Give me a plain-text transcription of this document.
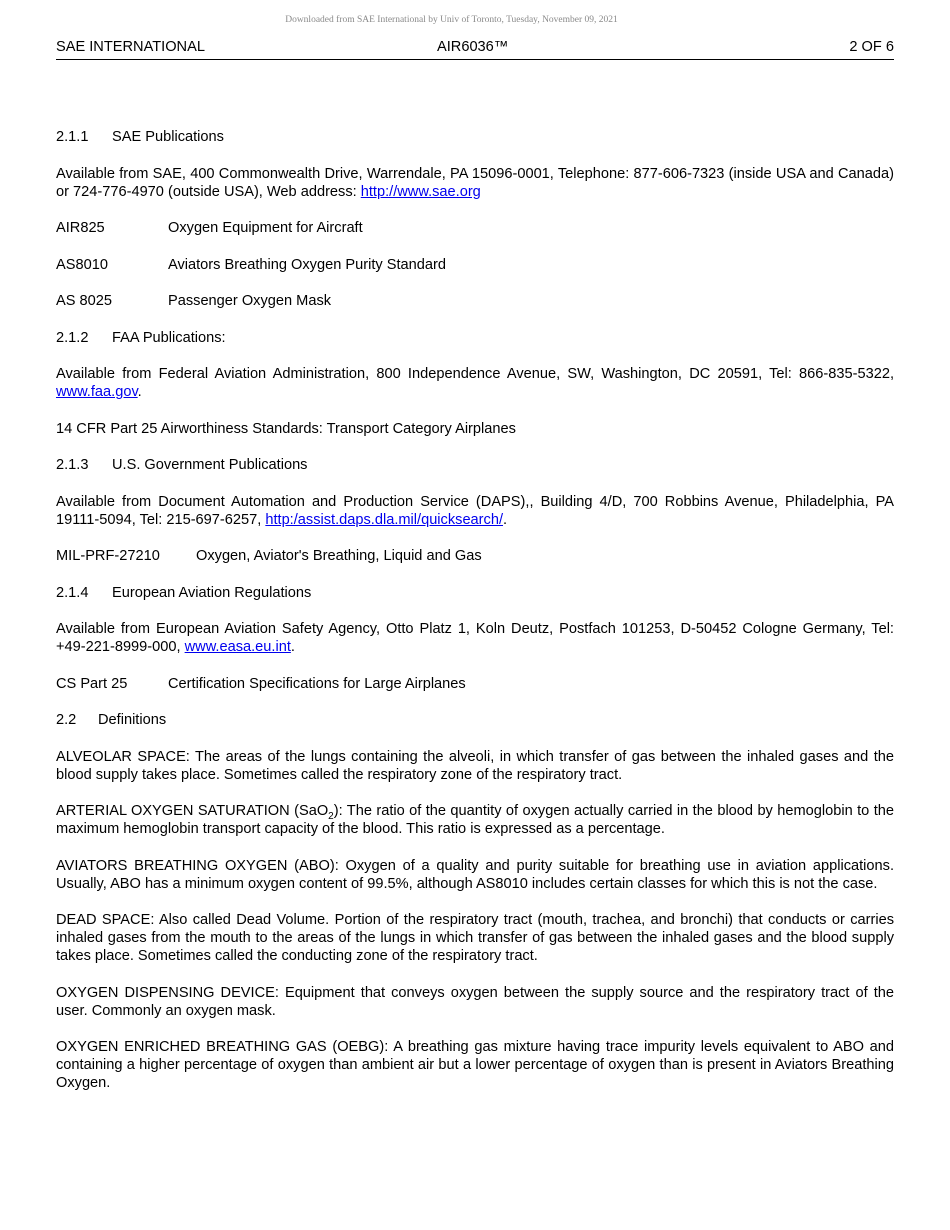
Downloaded from SAE International by Univ of Toronto, Tuesday, November 09, 2021
SAE INTERNATIONAL	AIR6036™	2 OF 6

2.1.1 SAE Publications

Available from SAE, 400 Commonwealth Drive, Warrendale, PA 15096-0001, Telephone: 877-606-7323 (inside USA and Canada) or 724-776-4970 (outside USA), Web address: http://www.sae.org

AIR825	Oxygen Equipment for Aircraft

AS8010	Aviators Breathing Oxygen Purity Standard

AS 8025	Passenger Oxygen Mask

2.1.2 FAA Publications:

Available from Federal Aviation Administration, 800 Independence Avenue, SW, Washington, DC 20591, Tel: 866-835-5322, www.faa.gov.

14 CFR Part 25 Airworthiness Standards: Transport Category Airplanes

2.1.3 U.S. Government Publications

Available from Document Automation and Production Service (DAPS),, Building 4/D, 700 Robbins Avenue, Philadelphia, PA 19111-5094, Tel: 215-697-6257, http:/assist.daps.dla.mil/quicksearch/.

MIL-PRF-27210 Oxygen, Aviator's Breathing, Liquid and Gas

2.1.4 European Aviation Regulations

Available from European Aviation Safety Agency, Otto Platz 1, Koln Deutz, Postfach 101253, D-50452 Cologne Germany, Tel: +49-221-8999-000, www.easa.eu.int.

CS Part 25	Certification Specifications for Large Airplanes

2.2 Definitions

ALVEOLAR SPACE: The areas of the lungs containing the alveoli, in which transfer of gas between the inhaled gases and the blood supply takes place. Sometimes called the respiratory zone of the respiratory tract.

ARTERIAL OXYGEN SATURATION (SaO$_2$): The ratio of the quantity of oxygen actually carried in the blood by hemoglobin to the maximum hemoglobin transport capacity of the blood. This ratio is expressed as a percentage.

AVIATORS BREATHING OXYGEN (ABO): Oxygen of a quality and purity suitable for breathing use in aviation applications. Usually, ABO has a minimum oxygen content of 99.5%, although AS8010 includes certain classes for which this is not the case.

DEAD SPACE: Also called Dead Volume. Portion of the respiratory tract (mouth, trachea, and bronchi) that conducts or carries inhaled gases from the mouth to the areas of the lungs in which transfer of gas between the inhaled gases and the blood supply takes place. Sometimes called the conducting zone of the respiratory tract.

OXYGEN DISPENSING DEVICE: Equipment that conveys oxygen between the supply source and the respiratory tract of the user. Commonly an oxygen mask.

OXYGEN ENRICHED BREATHING GAS (OEBG): A breathing gas mixture having trace impurity levels equivalent to ABO and containing a higher percentage of oxygen than ambient air but a lower percentage of oxygen than is present in Aviators Breathing Oxygen.
